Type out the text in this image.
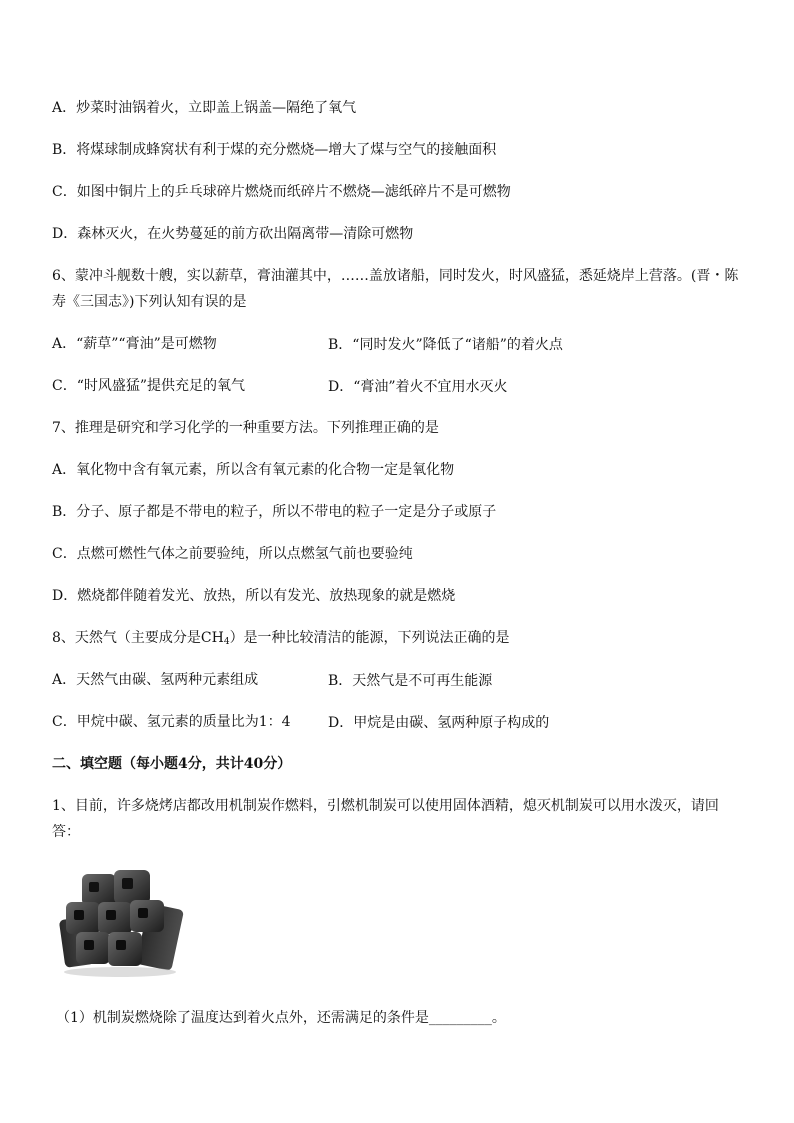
A．炒菜时油锅着火，立即盖上锅盖—隔绝了氧气
B．将煤球制成蜂窝状有利于煤的充分燃烧—增大了煤与空气的接触面积
C．如图中铜片上的乒乓球碎片燃烧而纸碎片不燃烧—滤纸碎片不是可燃物
D．森林灭火，在火势蔓延的前方砍出隔离带—清除可燃物
6、蒙冲斗舰数十艘，实以薪草，膏油灌其中，……盖放诸船，同时发火，时风盛猛，悉延烧岸上营落。(晋・陈寿《三国志》)下列认知有误的是
A．“薪草”“膏油”是可燃物	B．“同时发火”降低了“诸船”的着火点
C．“时风盛猛”提供充足的氧气	D．“膏油”着火不宜用水灭火
7、推理是研究和学习化学的一种重要方法。下列推理正确的是
A．氧化物中含有氧元素，所以含有氧元素的化合物一定是氧化物
B．分子、原子都是不带电的粒子，所以不带电的粒子一定是分子或原子
C．点燃可燃性气体之前要验纯，所以点燃氢气前也要验纯
D．燃烧都伴随着发光、放热，所以有发光、放热现象的就是燃烧
8、天然气（主要成分是$CH_4$）是一种比较清洁的能源，下列说法正确的是
A．天然气由碳、氢两种元素组成	B．天然气是不可再生能源
C．甲烷中碳、氢元素的质量比为1：4	D．甲烷是由碳、氢两种原子构成的
二、填空题（每小题4分，共计40分）
1、目前，许多烧烤店都改用机制炭作燃料，引燃机制炭可以使用固体酒精，熄灭机制炭可以用水泼灭，请回答：
（1）机制炭燃烧除了温度达到着火点外，还需满足的条件是_________。
